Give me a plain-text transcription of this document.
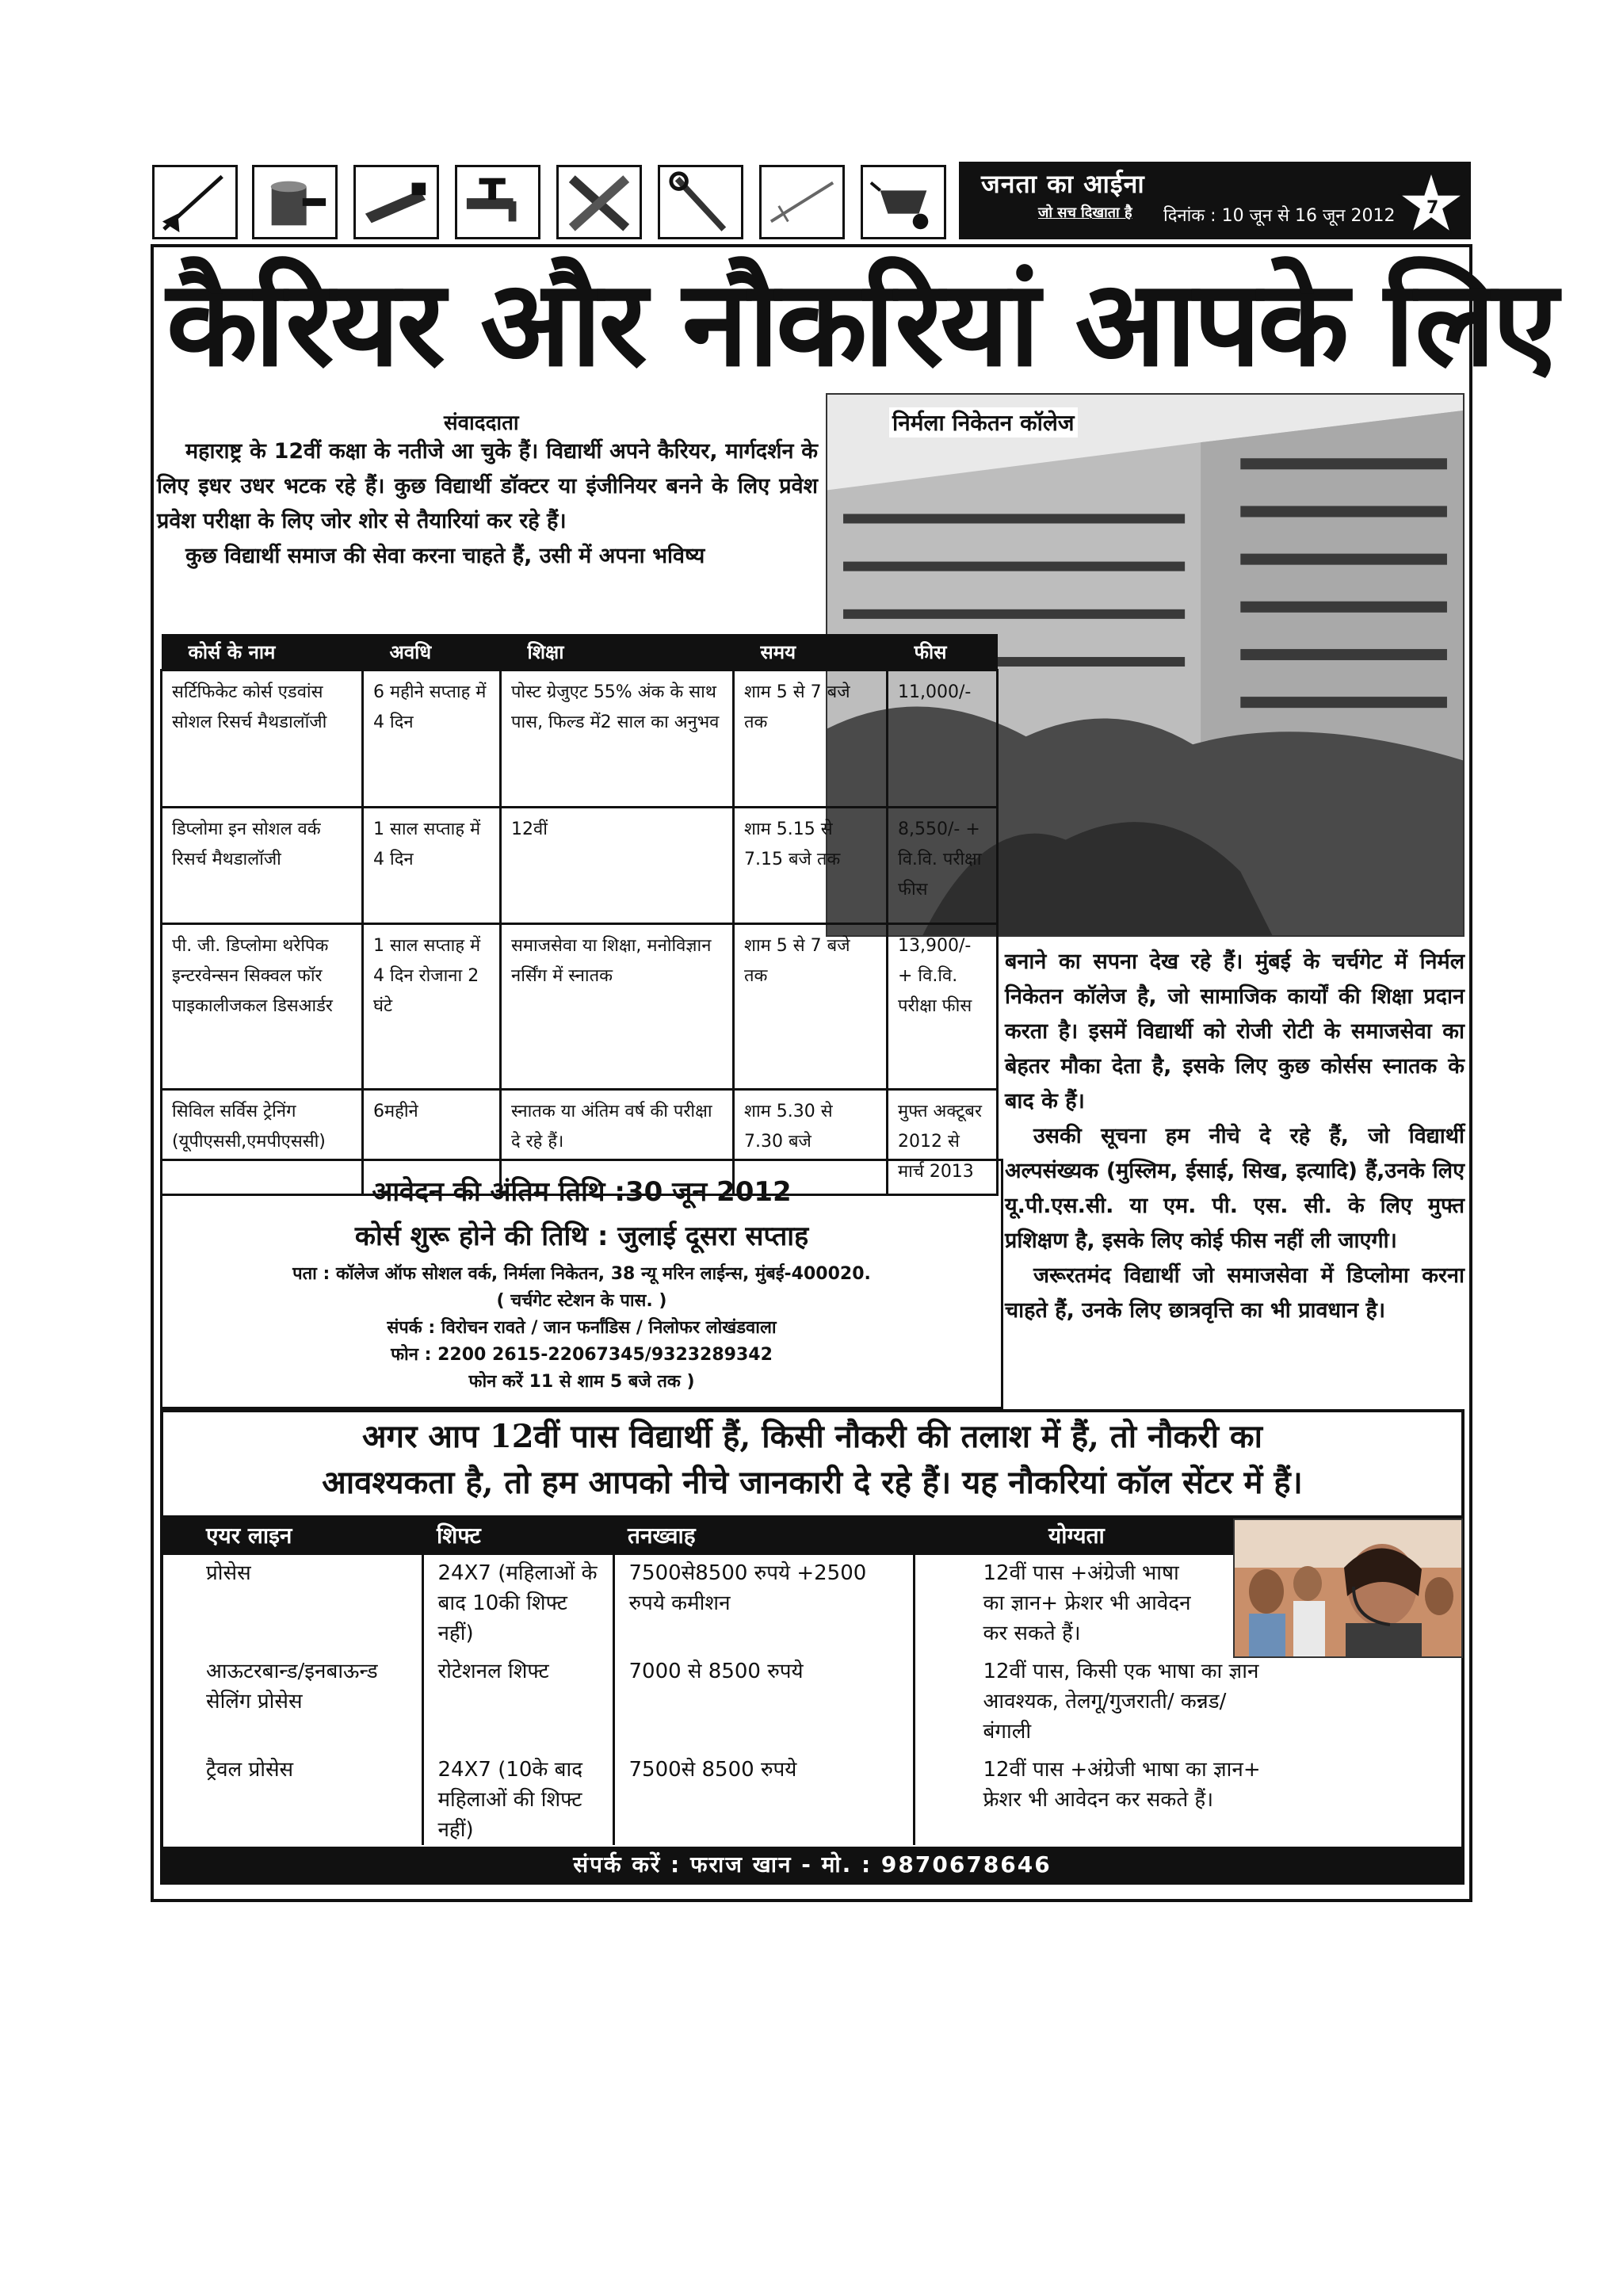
जनता का आईना
जो सच दिखाता है दिनांक : 10 जून से 16 जून 2012 7
कैरियर और नौकरियां आपके लिए
संवाददाता

महाराष्ट्र के 12वीं कक्षा के नतीजे आ चुके हैं। विद्यार्थी अपने कैरियर, मार्गदर्शन के लिए इधर उधर भटक रहे हैं। कुछ विद्यार्थी डॉक्टर या इंजीनियर बनने के लिए प्रवेश प्रवेश परीक्षा के लिए जोर शोर से तैयारियां कर रहे हैं।

कुछ विद्यार्थी समाज की सेवा करना चाहते हैं, उसी में अपना भविष्य

निर्मला निकेतन कॉलेज
कोर्स के नाम	अवधि	शिक्षा	समय	फीस
सर्टिफिकेट कोर्स एडवांस सोशल रिसर्च मैथडालॉजी	6 महीने सप्ताह में 4 दिन	पोस्ट ग्रेजुएट 55% अंक के साथ पास, फिल्ड में2 साल का अनुभव	शाम 5 से 7 बजे तक	11,000/-
डिप्लोमा इन सोशल वर्क रिसर्च मैथडालॉजी	1 साल सप्ताह में 4 दिन	12वीं	शाम 5.15 से 7.15 बजे तक	8,550/- + वि.वि. परीक्षा फीस
पी. जी. डिप्लोमा थरेपिक इन्टरवेन्सन सिक्वल फॉर पाइकालीजकल डिसआर्डर	1 साल सप्ताह में 4 दिन रोजाना 2 घंटे	समाजसेवा या शिक्षा, मनोविज्ञान नर्सिंग में स्नातक	शाम 5 से 7 बजे तक	13,900/- + वि.वि. परीक्षा फीस
सिविल सर्विस ट्रेनिंग (यूपीएससी,एमपीएससी)	6महीने	स्नातक या अंतिम वर्ष की परीक्षा दे रहे हैं।	शाम 5.30 से 7.30 बजे	मुफ्त अक्टूबर 2012 से मार्च 2013
आवेदन की अंतिम तिथि :30 जून 2012
कोर्स शुरू होने की तिथि : जुलाई दूसरा सप्ताह
पता : कॉलेज ऑफ सोशल वर्क, निर्मला निकेतन, 38 न्यू मरिन लाईन्स, मुंबई-400020.
( चर्चगेट स्टेशन के पास. )
संपर्क : विरोचन रावते / जान फर्नांडिस / निलोफर लोखंडवाला
फोन : 2200 2615-22067345/9323289342
फोन करें 11 से शाम 5 बजे तक )

बनाने का सपना देख रहे हैं। मुंबई के चर्चगेट में निर्मल निकेतन कॉलेज है, जो सामाजिक कार्यों की शिक्षा प्रदान करता है। इसमें विद्यार्थी को रोजी रोटी के समाजसेवा का बेहतर मौका देता है, इसके लिए कुछ कोर्सस स्नातक के बाद के हैं।

उसकी सूचना हम नीचे दे रहे हैं, जो विद्यार्थी अल्पसंख्यक (मुस्लिम, ईसाई, सिख, इत्यादि) हैं,उनके लिए यू.पी.एस.सी. या एम. पी. एस. सी. के लिए मुफ्त प्रशिक्षण है, इसके लिए कोई फीस नहीं ली जाएगी।

जरूरतमंद विद्यार्थी जो समाजसेवा में डिप्लोमा करना चाहते हैं, उनके लिए छात्रवृत्ति का भी प्रावधान है।

अगर आप 12वीं पास विद्यार्थी हैं, किसी नौकरी की तलाश में हैं, तो नौकरी का
आवश्यकता है, तो हम आपको नीचे जानकारी दे रहे हैं। यह नौकरियां कॉल सेंटर में हैं।
एयर लाइन	शिफ्ट	तनख्वाह	योग्यता
प्रोसेस	24X7 (महिलाओं के बाद 10की शिफ्ट नहीं)	7500से8500 रुपये +2500 रुपये कमीशन	12वीं पास +अंग्रेजी भाषा का ज्ञान+ फ्रेशर भी आवेदन कर सकते हैं।
आऊटरबान्ड/इनबाऊन्ड सेलिंग प्रोसेस	रोटेशनल शिफ्ट	7000 से 8500 रुपये	12वीं पास, किसी एक भाषा का ज्ञान आवश्यक, तेलगू/गुजराती/ कन्नड/बंगाली
ट्रैवल प्रोसेस	24X7 (10के बाद महिलाओं की शिफ्ट नहीं)	7500से 8500 रुपये	12वीं पास +अंग्रेजी भाषा का ज्ञान+ फ्रेशर भी आवेदन कर सकते हैं।
संपर्क करें : फराज खान - मो. : 9870678646
